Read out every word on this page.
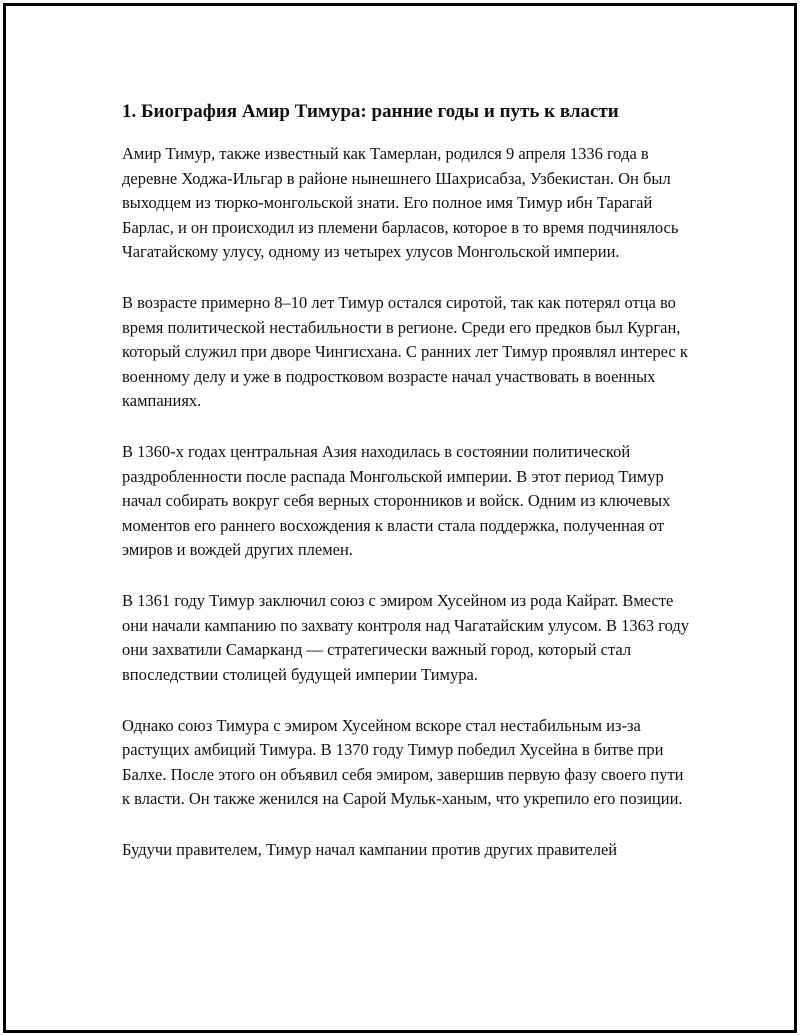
1. Биография Амир Тимура: ранние годы и путь к власти

Амир Тимур, также известный как Тамерлан, родился 9 апреля 1336 года в деревне Ходжа-Ильгар в районе нынешнего Шахрисабза, Узбекистан. Он был выходцем из тюрко-монгольской знати. Его полное имя Тимур ибн Тарагай Барлас, и он происходил из племени барласов, которое в то время подчинялось Чагатайскому улусу, одному из четырех улусов Монгольской империи.

В возрасте примерно 8–10 лет Тимур остался сиротой, так как потерял отца во время политической нестабильности в регионе. Среди его предков был Курган, который служил при дворе Чингисхана. С ранних лет Тимур проявлял интерес к военному делу и уже в подростковом возрасте начал участвовать в военных кампаниях.

В 1360-х годах центральная Азия находилась в состоянии политической раздробленности после распада Монгольской империи. В этот период Тимур начал собирать вокруг себя верных сторонников и войск. Одним из ключевых моментов его раннего восхождения к власти стала поддержка, полученная от эмиров и вождей других племен.

В 1361 году Тимур заключил союз с эмиром Хусейном из рода Кайрат. Вместе они начали кампанию по захвату контроля над Чагатайским улусом. В 1363 году они захватили Самарканд — стратегически важный город, который стал впоследствии столицей будущей империи Тимура.

Однако союз Тимура с эмиром Хусейном вскоре стал нестабильным из-за растущих амбиций Тимура. В 1370 году Тимур победил Хусейна в битве при Балхе. После этого он объявил себя эмиром, завершив первую фазу своего пути к власти. Он также женился на Сарой Мульк-ханым, что укрепило его позиции.

Будучи правителем, Тимур начал кампании против других правителей
